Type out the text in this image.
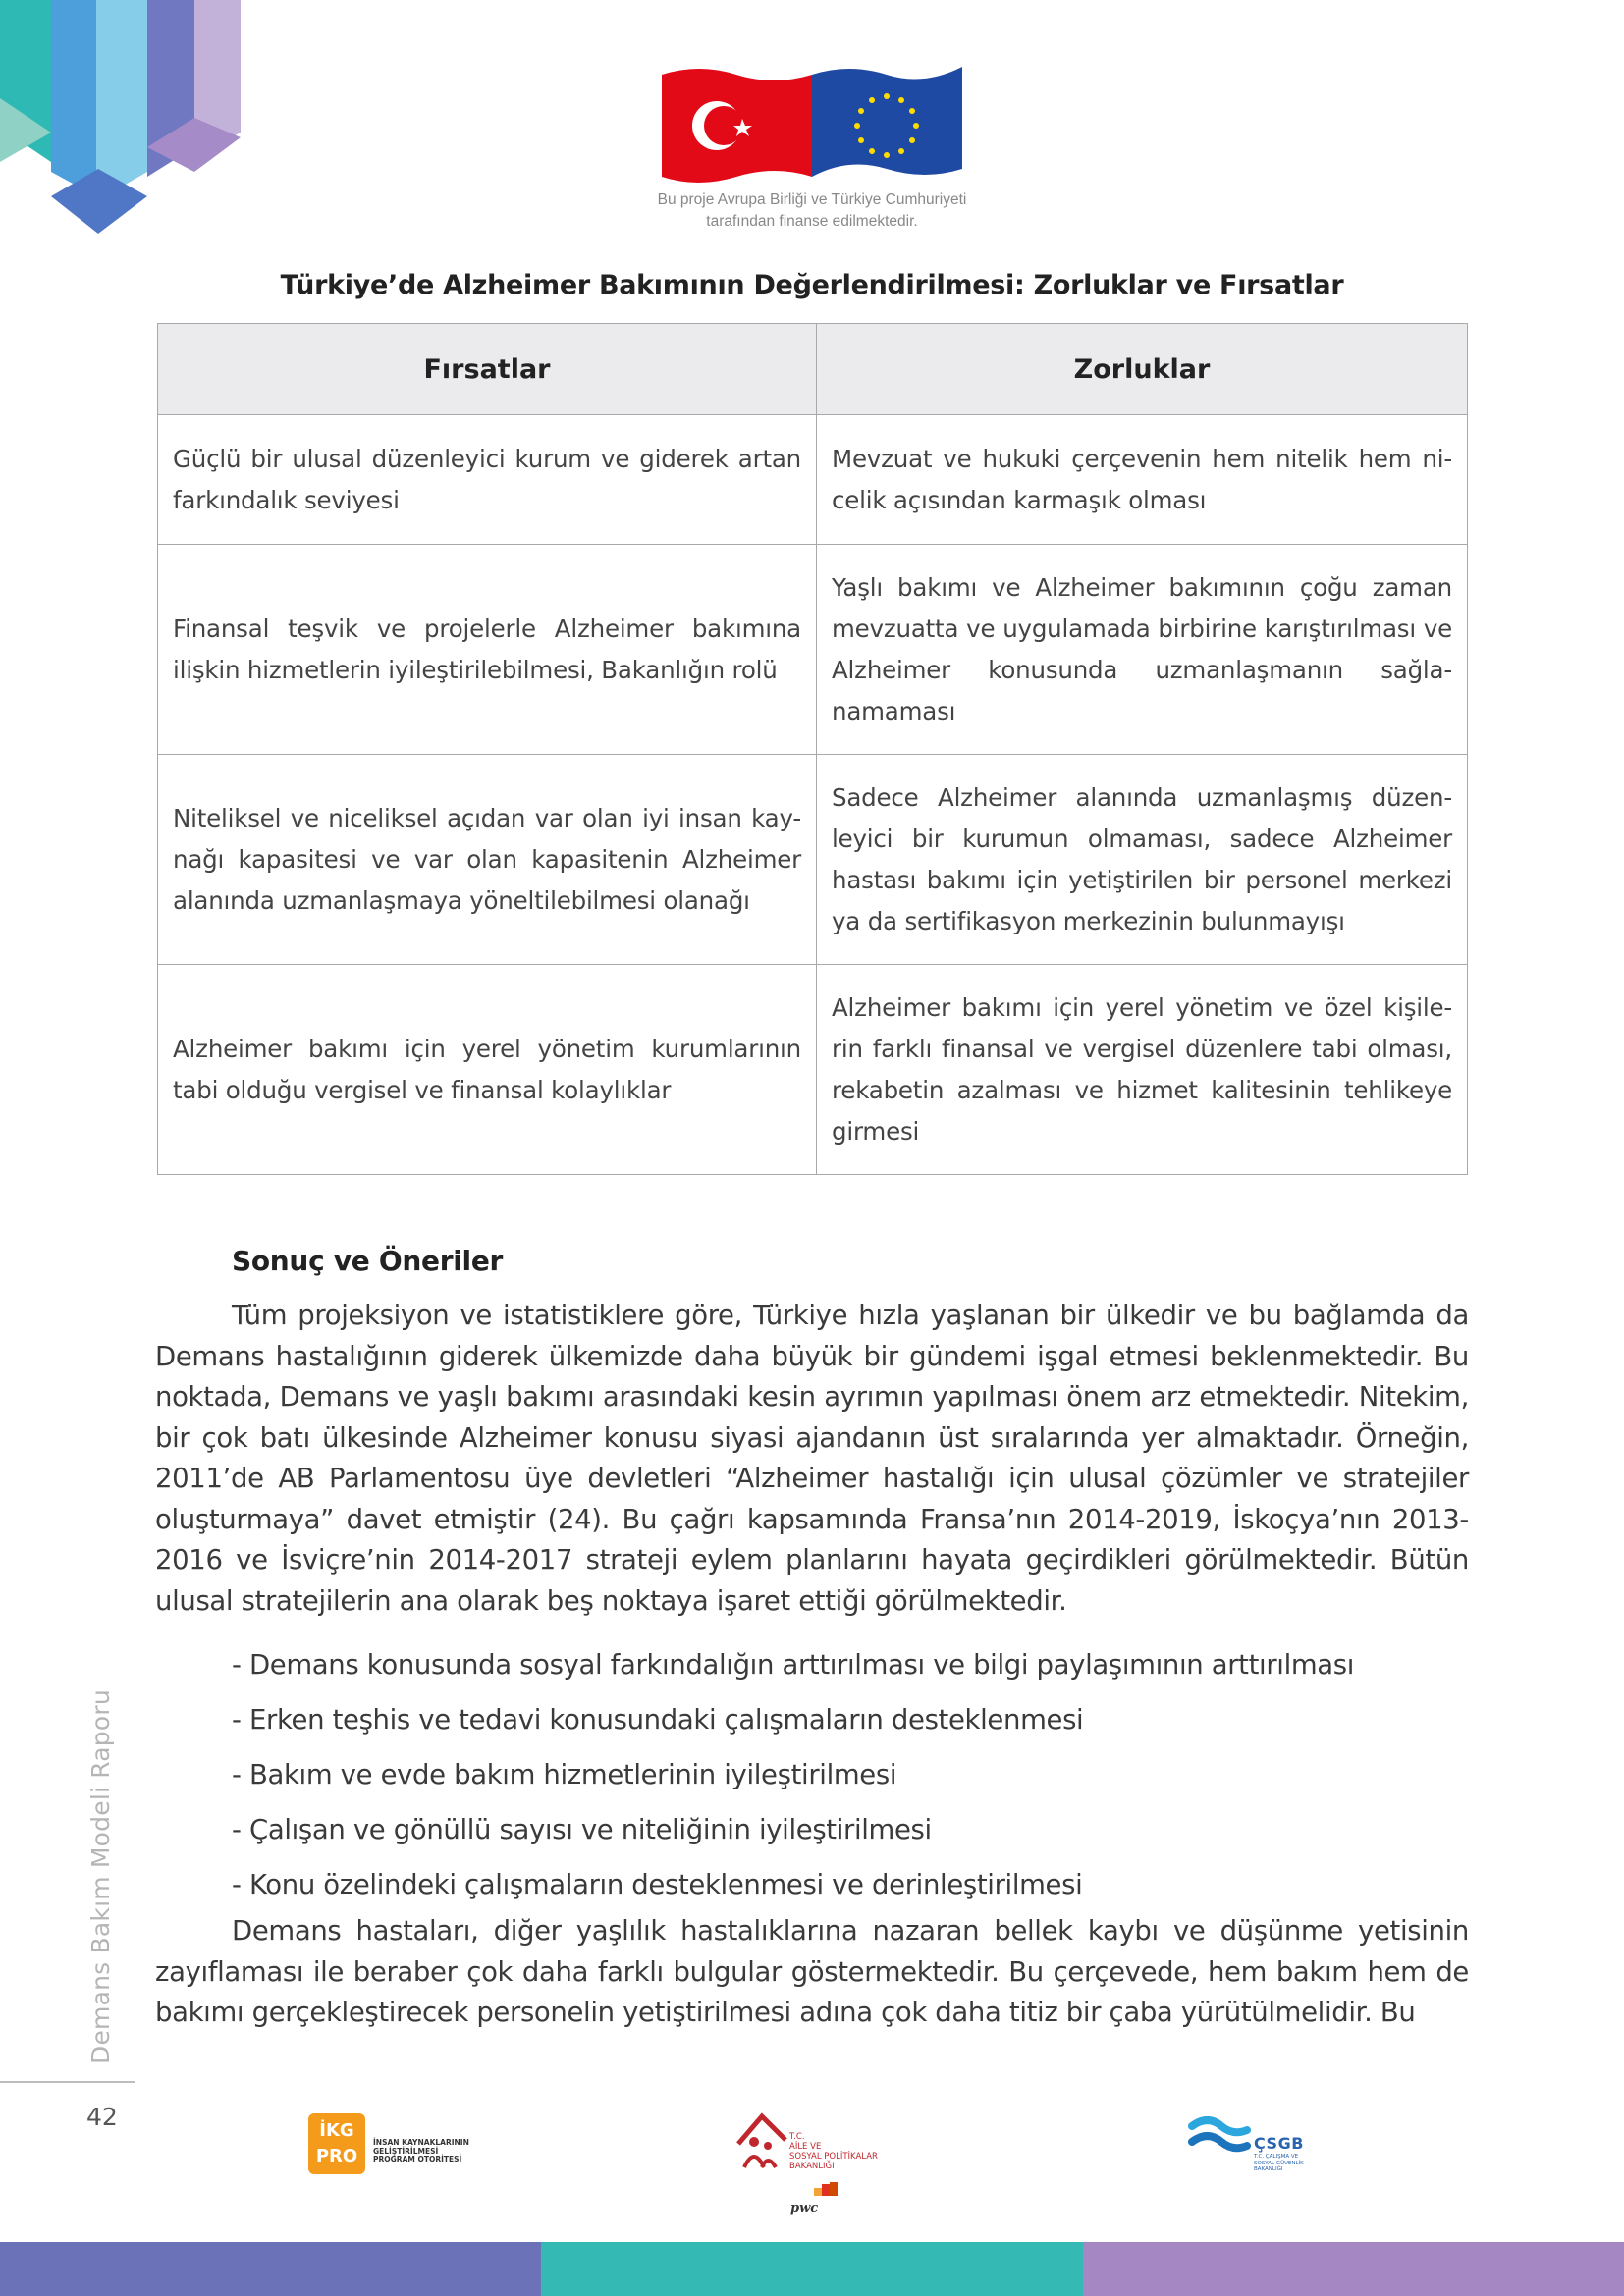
Bu proje Avrupa Birliği ve Türkiye Cumhuriyeti
tarafından finanse edilmektedir.
Türkiye’de Alzheimer Bakımının Değerlendirilmesi: Zorluklar ve Fırsatlar
Fırsatlar	Zorluklar
Güçlü bir ulusal düzenleyici kurum ve giderek artan farkındalık seviyesi	Mevzuat ve hukuki çerçevenin hem nitelik hem ni-celik açısından karmaşık olması
Finansal teşvik ve projelerle Alzheimer bakımına ilişkin hizmetlerin iyileştirilebilmesi, Bakanlığın rolü	Yaşlı bakımı ve Alzheimer bakımının çoğu zaman mevzuatta ve uygulamada birbirine karıştırılması ve Alzheimer konusunda uzmanlaşmanın sağla-namaması
Niteliksel ve niceliksel açıdan var olan iyi insan kay-nağı kapasitesi ve var olan kapasitenin Alzheimer alanında uzmanlaşmaya yöneltilebilmesi olanağı	Sadece Alzheimer alanında uzmanlaşmış düzen-leyici bir kurumun olmaması, sadece Alzheimer hastası bakımı için yetiştirilen bir personel merkezi ya da sertifikasyon merkezinin bulunmayışı
Alzheimer bakımı için yerel yönetim kurumlarının tabi olduğu vergisel ve finansal kolaylıklar	Alzheimer bakımı için yerel yönetim ve özel kişile-rin farklı finansal ve vergisel düzenlere tabi olması, rekabetin azalması ve hizmet kalitesinin tehlikeye girmesi
Sonuç ve Öneriler

Tüm projeksiyon ve istatistiklere göre, Türkiye hızla yaşlanan bir ülkedir ve bu bağlamda da Demans hastalığının giderek ülkemizde daha büyük bir gündemi işgal etmesi beklenmektedir. Bu noktada, Demans ve yaşlı bakımı arasındaki kesin ayrımın yapılması önem arz etmektedir. Nitekim, bir çok batı ülkesinde Alzheimer konusu siyasi ajandanın üst sıralarında yer almaktadır. Örneğin, 2011’de AB Parlamentosu üye devletleri “Alzheimer hastalığı için ulusal çözümler ve stratejiler oluşturmaya” davet etmiştir (24). Bu çağrı kapsamında Fransa’nın 2014-2019, İskoçya’nın 2013-2016 ve İsviçre’nin 2014-2017 strateji eylem planlarını hayata geçirdikleri görülmektedir. Bütün ulusal stratejilerin ana olarak beş noktaya işaret ettiği görülmektedir.

- Demans konusunda sosyal farkındalığın arttırılması ve bilgi paylaşımının arttırılması
- Erken teşhis ve tedavi konusundaki çalışmaların desteklenmesi
- Bakım ve evde bakım hizmetlerinin iyileştirilmesi
- Çalışan ve gönüllü sayısı ve niteliğinin iyileştirilmesi
- Konu özelindeki çalışmaların desteklenmesi ve derinleştirilmesi

Demans hastaları, diğer yaşlılık hastalıklarına nazaran bellek kaybı ve düşünme yetisinin zayıflaması ile beraber çok daha farklı bulgular göstermektedir. Bu çerçevede, hem bakım hem de bakımı gerçekleştirecek personelin yetiştirilmesi adına çok daha titiz bir çaba yürütülmelidir. Bu

Demans Bakım Modeli Raporu
42	İKG
PRO
İNSAN KAYNAKLARININ
GELİŞTİRİLMESİ
PROGRAM OTORİTESİ
T.C.
AİLE VE
SOSYAL POLİTİKALAR
BAKANLIĞI
pwc
ÇSGB
T.C. ÇALIŞMA VE
SOSYAL GÜVENLİK
BAKANLIĞI
